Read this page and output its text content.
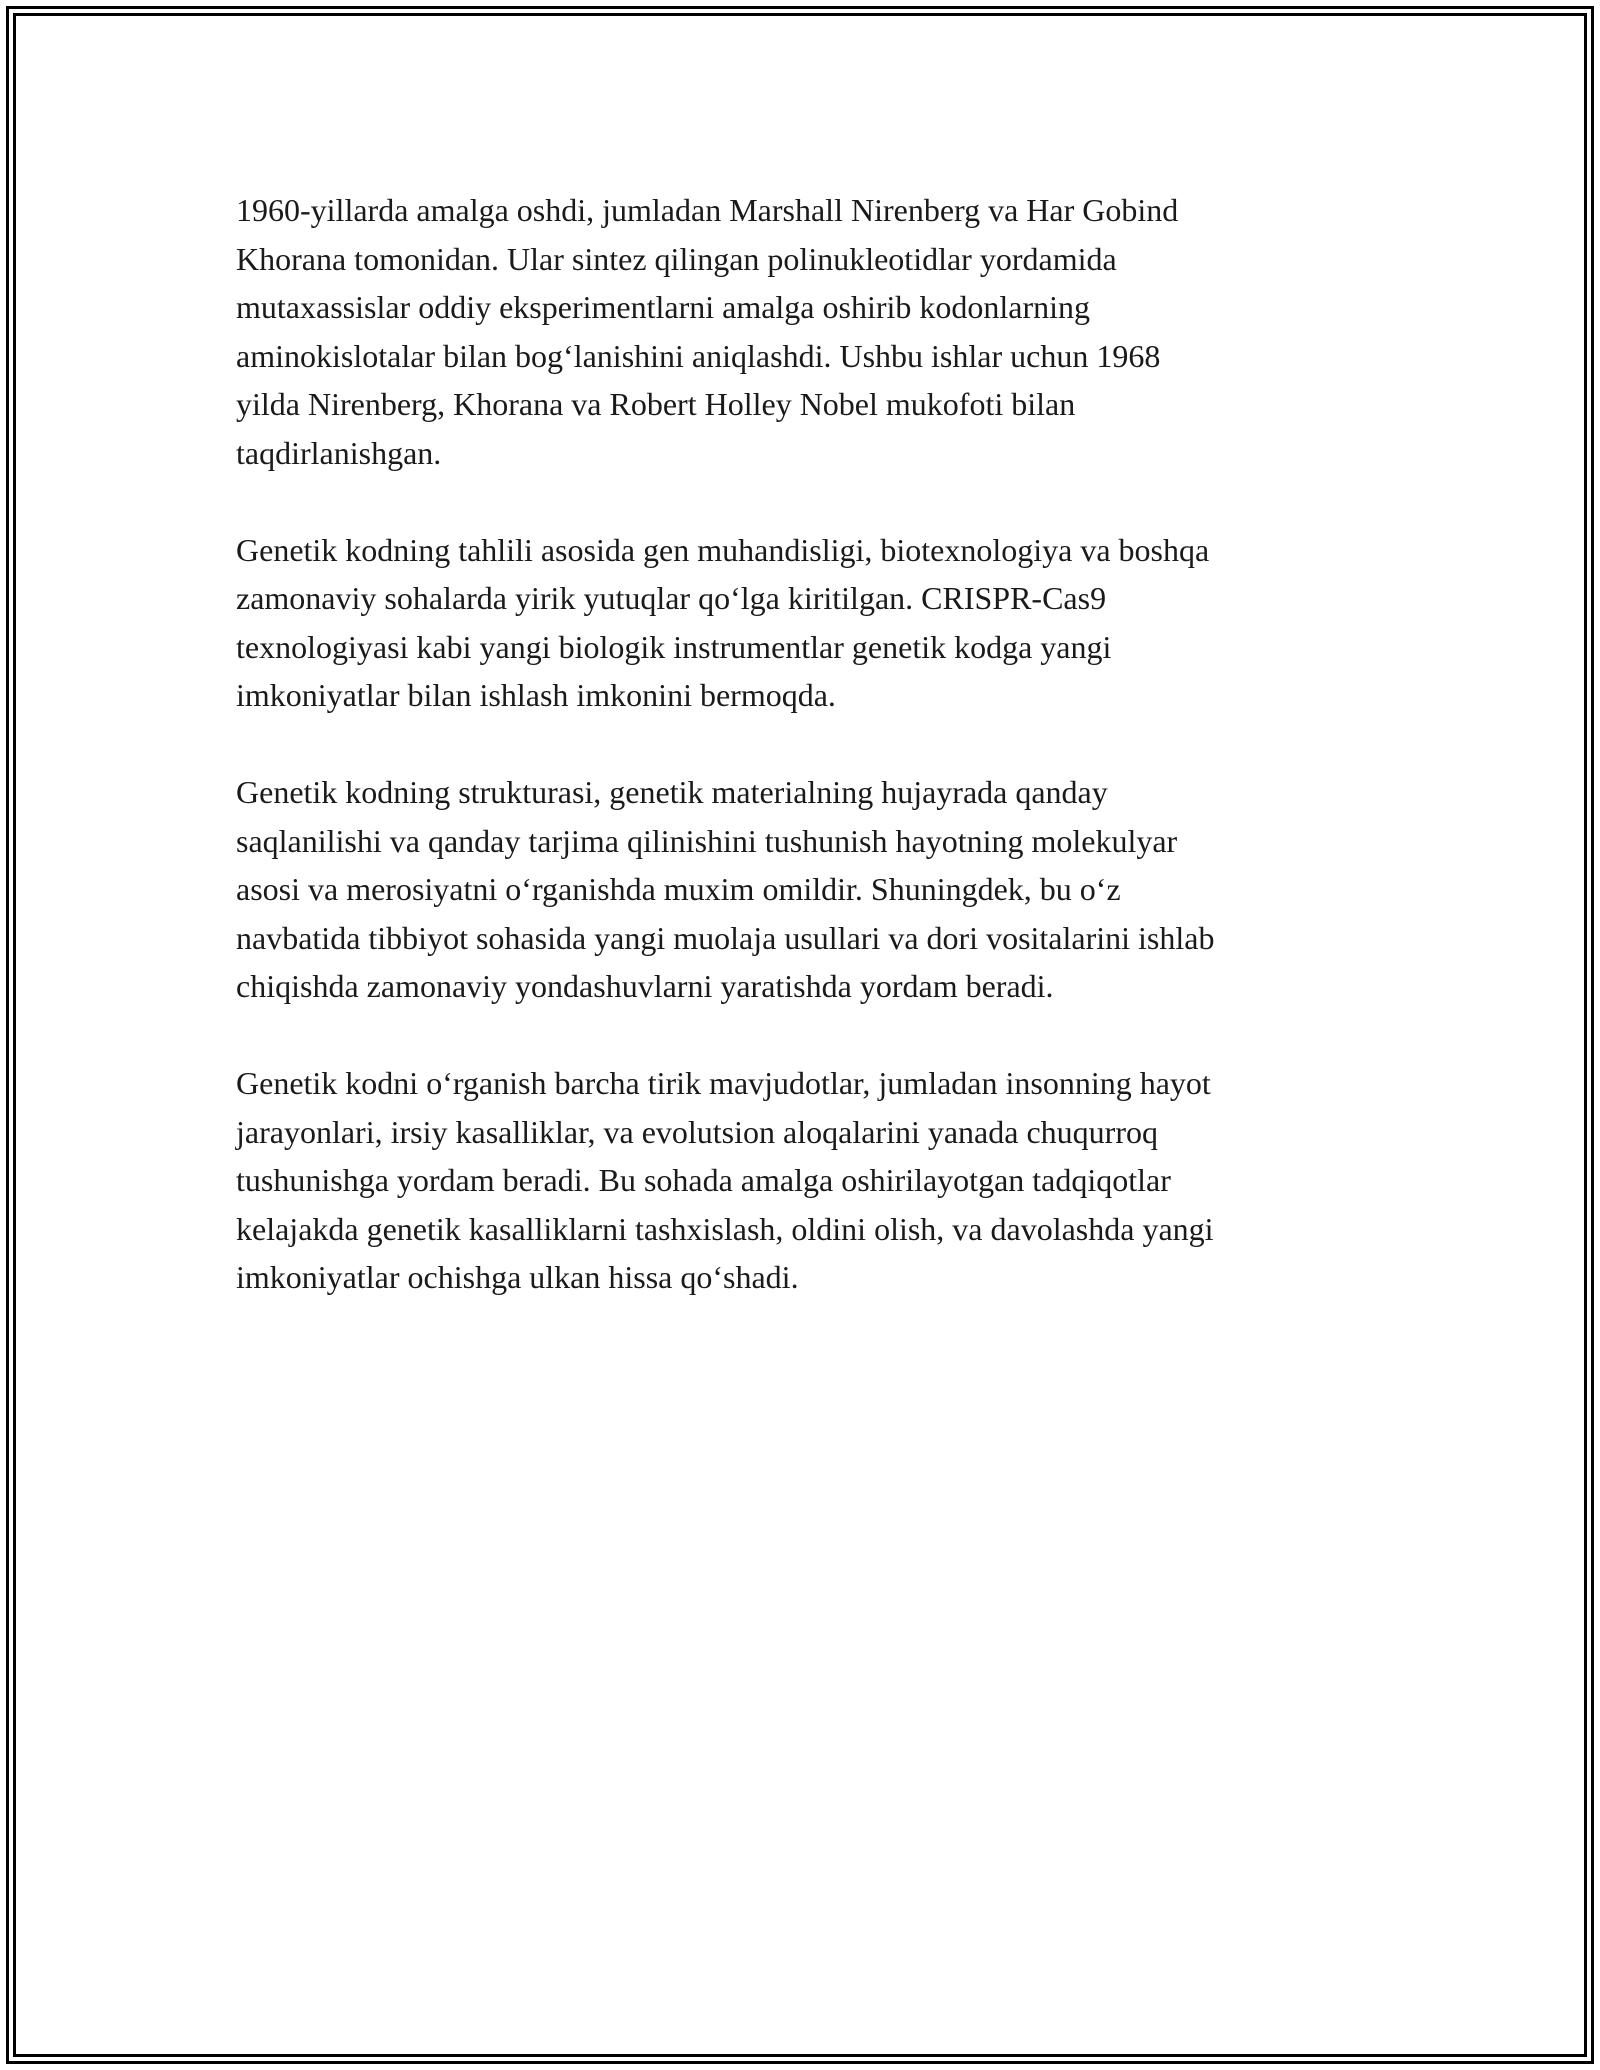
1960-yillarda amalga oshdi, jumladan Marshall Nirenberg va Har Gobind
Khorana tomonidan. Ular sintez qilingan polinukleotidlar yordamida
mutaxassislar oddiy eksperimentlarni amalga oshirib kodonlarning
aminokislotalar bilan bog‘lanishini aniqlashdi. Ushbu ishlar uchun 1968
yilda Nirenberg, Khorana va Robert Holley Nobel mukofoti bilan
taqdirlanishgan.

Genetik kodning tahlili asosida gen muhandisligi, biotexnologiya va boshqa
zamonaviy sohalarda yirik yutuqlar qo‘lga kiritilgan. CRISPR-Cas9
texnologiyasi kabi yangi biologik instrumentlar genetik kodga yangi
imkoniyatlar bilan ishlash imkonini bermoqda.

Genetik kodning strukturasi, genetik materialning hujayrada qanday
saqlanilishi va qanday tarjima qilinishini tushunish hayotning molekulyar
asosi va merosiyatni o‘rganishda muxim omildir. Shuningdek, bu o‘z
navbatida tibbiyot sohasida yangi muolaja usullari va dori vositalarini ishlab
chiqishda zamonaviy yondashuvlarni yaratishda yordam beradi.

Genetik kodni o‘rganish barcha tirik mavjudotlar, jumladan insonning hayot
jarayonlari, irsiy kasalliklar, va evolutsion aloqalarini yanada chuqurroq
tushunishga yordam beradi. Bu sohada amalga oshirilayotgan tadqiqotlar
kelajakda genetik kasalliklarni tashxislash, oldini olish, va davolashda yangi
imkoniyatlar ochishga ulkan hissa qo‘shadi.
